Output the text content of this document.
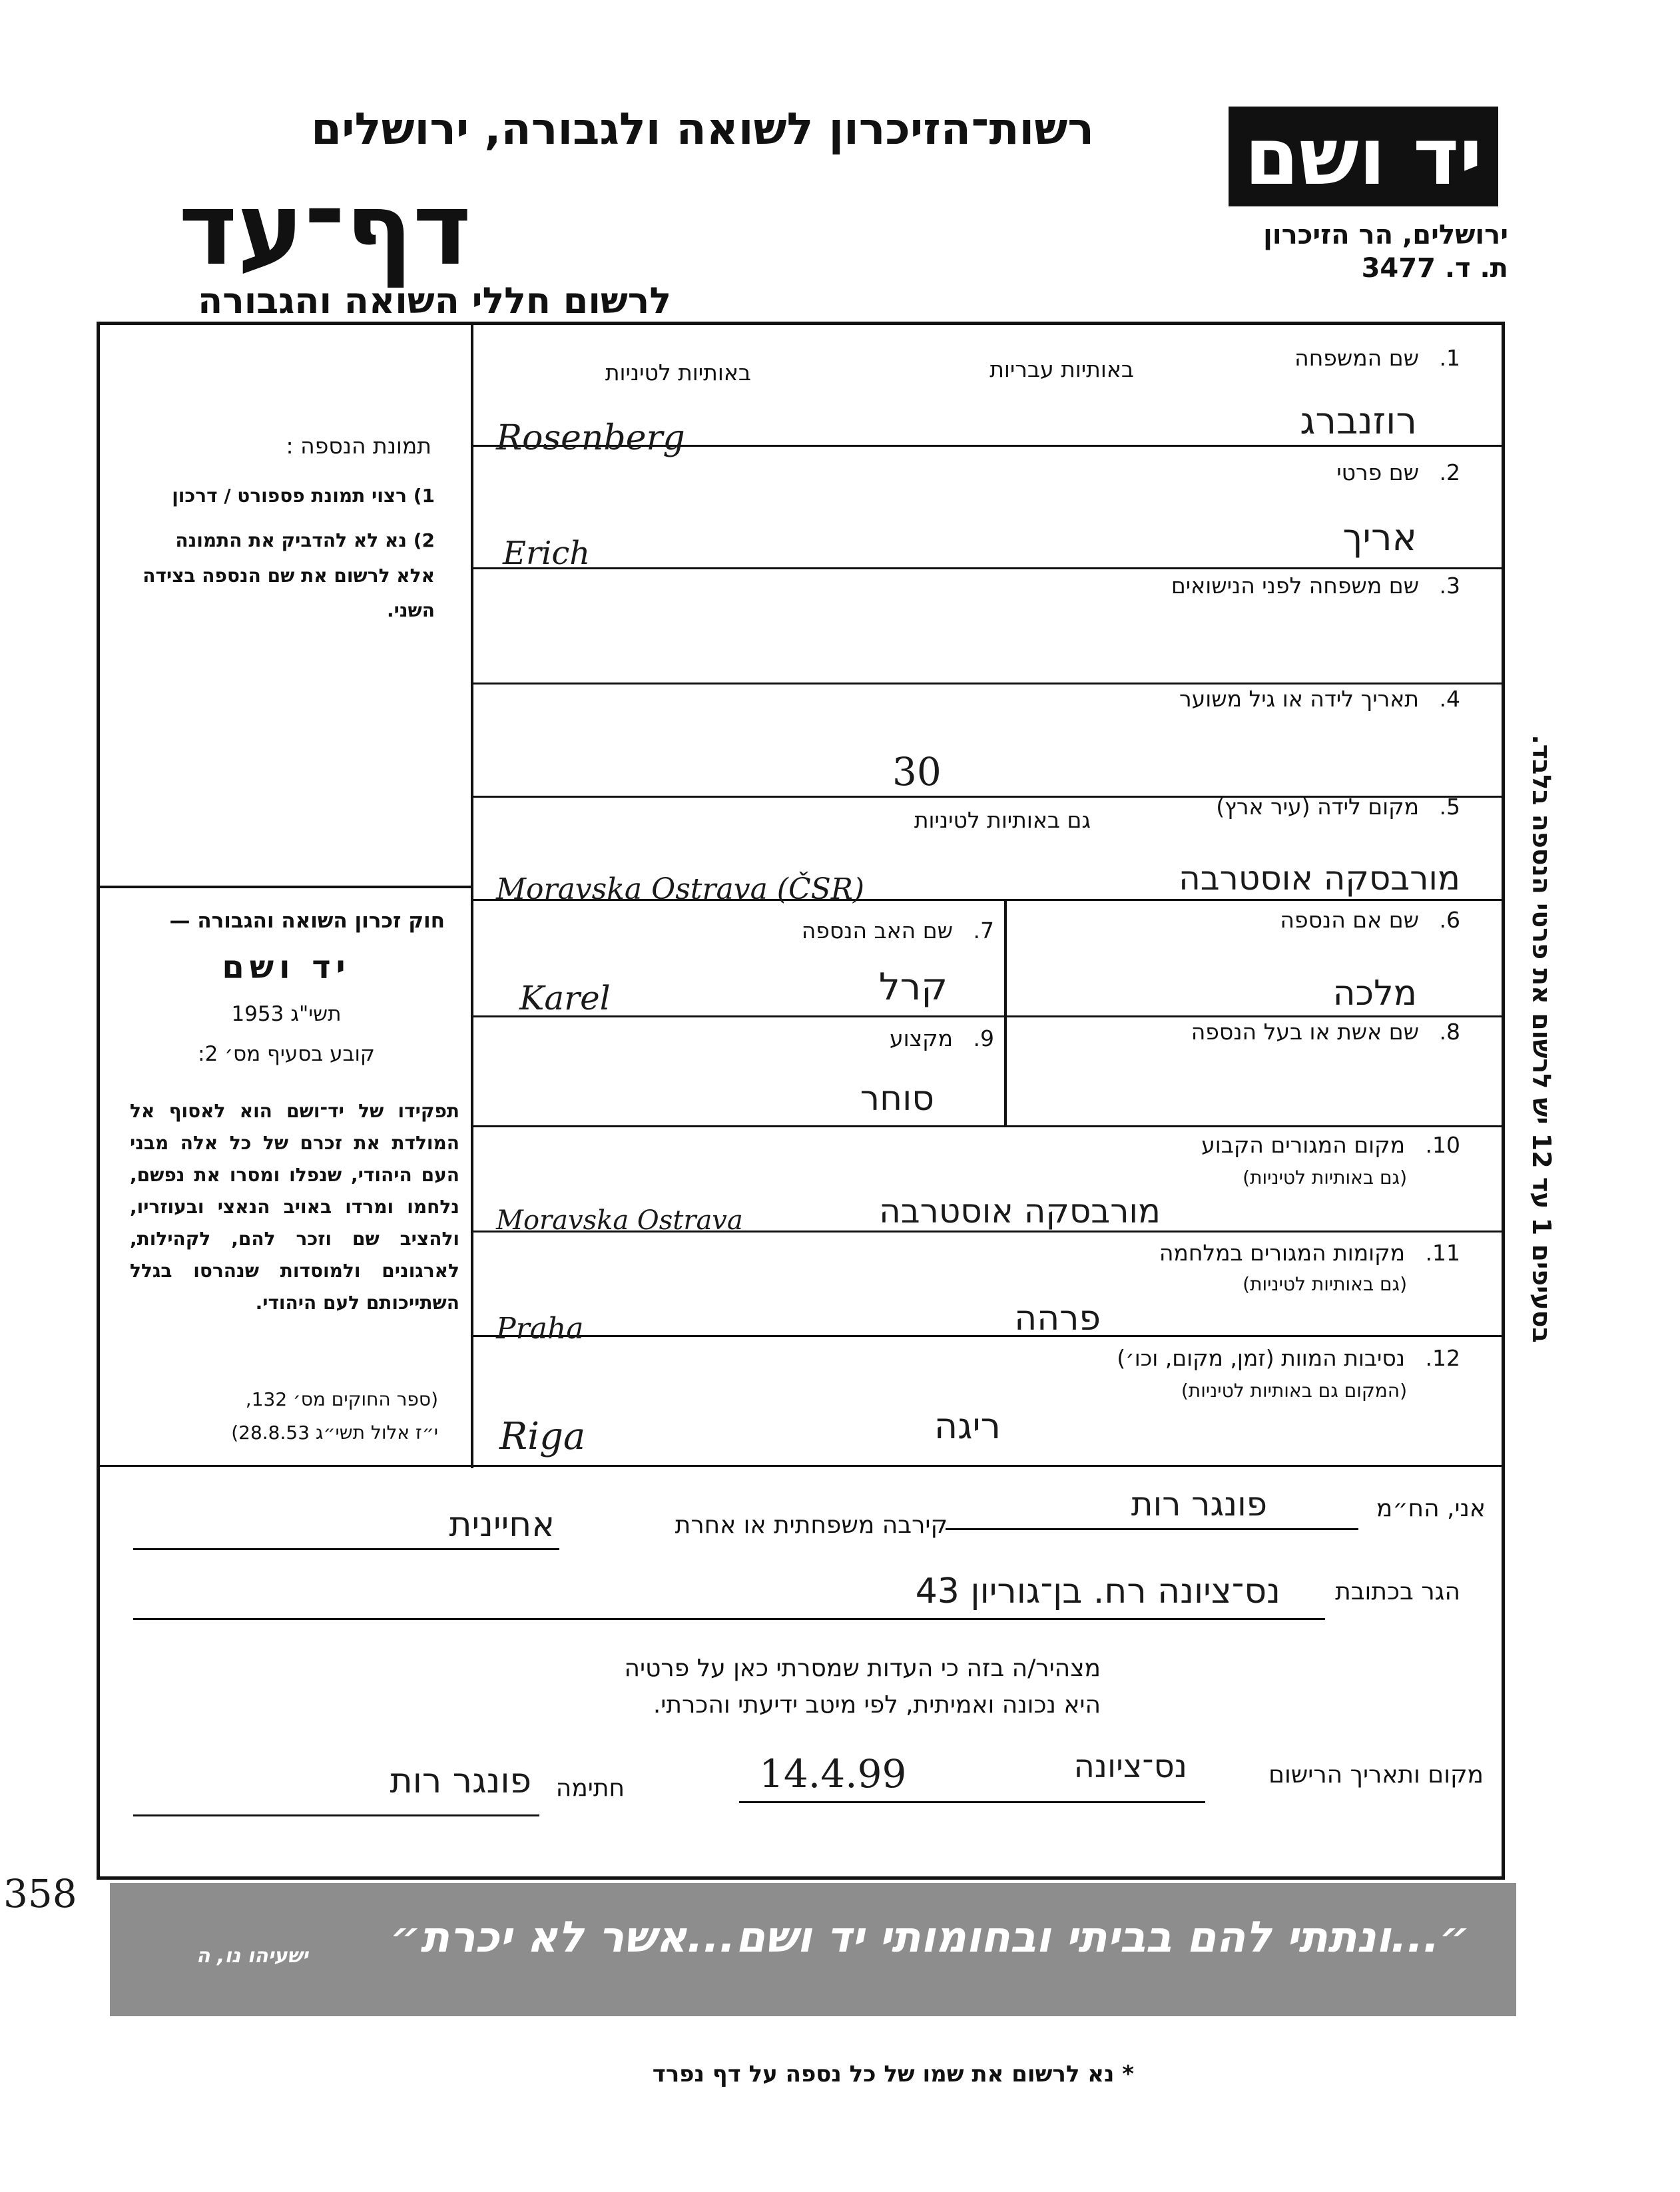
רשות־הזיכרון לשואה ולגבורה, ירושלים
דף־עד
לרשום חללי השואה והגבורה
יד ושם
ירושלים, הר הזיכרון
ת. ד. 3477
תמונת הנספה :
1) רצוי תמונת פספורט / דרכון
2) נא לא להדביק את התמונה
אלא לרשום את שם הנספה בצידה
השני.
חוק זכרון השואה והגבורה —
יד ושם
תשי"ג 1953
קובע בסעיף מס׳ 2:
תפקידו של יד־ושם הוא לאסוף אל המולדת את זכרם של כל אלה מבני העם היהודי, שנפלו ומסרו את נפשם, נלחמו ומרדו באויב הנאצי ובעוזריו, ולהציב שם וזכר להם, לקהילות, לארגונים ולמוסדות שנהרסו בגלל השתייכותם לעם היהודי.
(ספר החוקים מס׳ 132,
י״ז אלול תשי״ג 28.8.53)
1. שם המשפחה
באותיות עבריות
באותיות לטיניות
רוזנברג
Rosenberg
2. שם פרטי
אריך
Erich
3. שם משפחה לפני הנישואים
4. תאריך לידה או גיל משוער
30
5. מקום לידה (עיר ארץ)
גם באותיות לטיניות
מורבסקה אוסטרבה
Moravska Ostrava (ČSR)
6. שם אם הנספה
מלכה
7. שם האב הנספה
קרל
Karel
8. שם אשת או בעל הנספה
9. מקצוע
סוחר
10. מקום המגורים הקבוע
(גם באותיות לטיניות)
מורבסקה אוסטרבה
Moravska Ostrava
11. מקומות המגורים במלחמה
(גם באותיות לטיניות)
פרהה
Praha
12. נסיבות המוות (זמן, מקום, וכו׳)
(המקום גם באותיות לטיניות)
ריגה
Riga
בסעיפים 1 עד 12 יש לרשום את פרטי הנספה בלבד.
אני, הח״מ
פונגר רות
קירבה משפחתית או אחרת
אחיינית
הגר בכתובת
נס־ציונה רח. בן־גוריון 43
מצהיר/ה בזה כי העדות שמסרתי כאן על פרטיה
היא נכונה ואמיתית, לפי מיטב ידיעתי והכרתי.
מקום ותאריך הרישום
נס־ציונה
14.4.99
חתימה
פונגר רות
358
״...ונתתי להם בביתי ובחומותי יד ושם...אשר לא יכרת״
ישעיהו נו, ה
* נא לרשום את שמו של כל נספה על דף נפרד
